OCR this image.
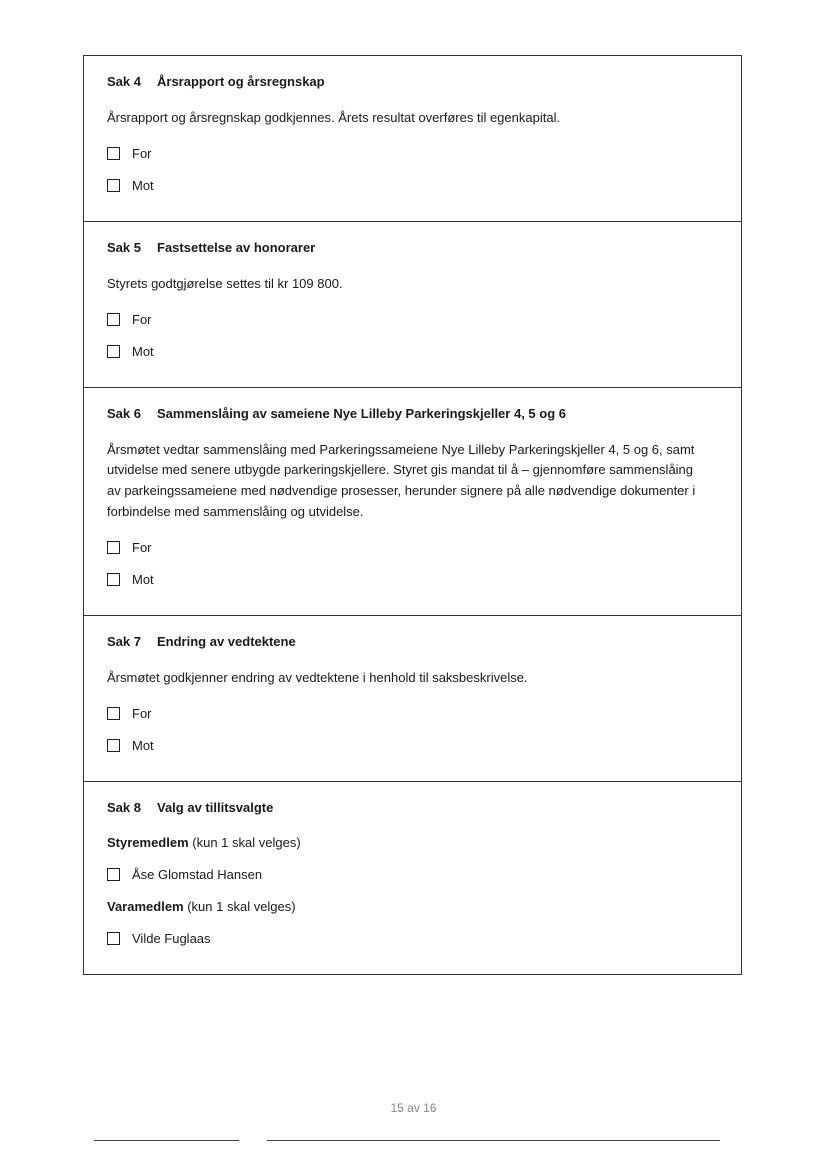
Sak 4 Årsrapport og årsregnskap
Årsrapport og årsregnskap godkjennes. Årets resultat overføres til egenkapital.
For
Mot
Sak 5 Fastsettelse av honorarer
Styrets godtgjørelse settes til kr 109 800.
For
Mot
Sak 6 Sammenslåing av sameiene Nye Lilleby Parkeringskjeller 4, 5 og 6
Årsmøtet vedtar sammenslåing med Parkeringssameiene Nye Lilleby Parkeringskjeller 4, 5 og 6, samt
utvidelse med senere utbygde parkeringskjellere. Styret gis mandat til å – gjennomføre sammenslåing
av parkeingssameiene med nødvendige prosesser, herunder signere på alle nødvendige dokumenter i
forbindelse med sammenslåing og utvidelse.
For
Mot
Sak 7 Endring av vedtektene
Årsmøtet godkjenner endring av vedtektene i henhold til saksbeskrivelse.
For
Mot
Sak 8 Valg av tillitsvalgte
Styremedlem (kun 1 skal velges)
Åse Glomstad Hansen
Varamedlem (kun 1 skal velges)
Vilde Fuglaas
15 av 16
